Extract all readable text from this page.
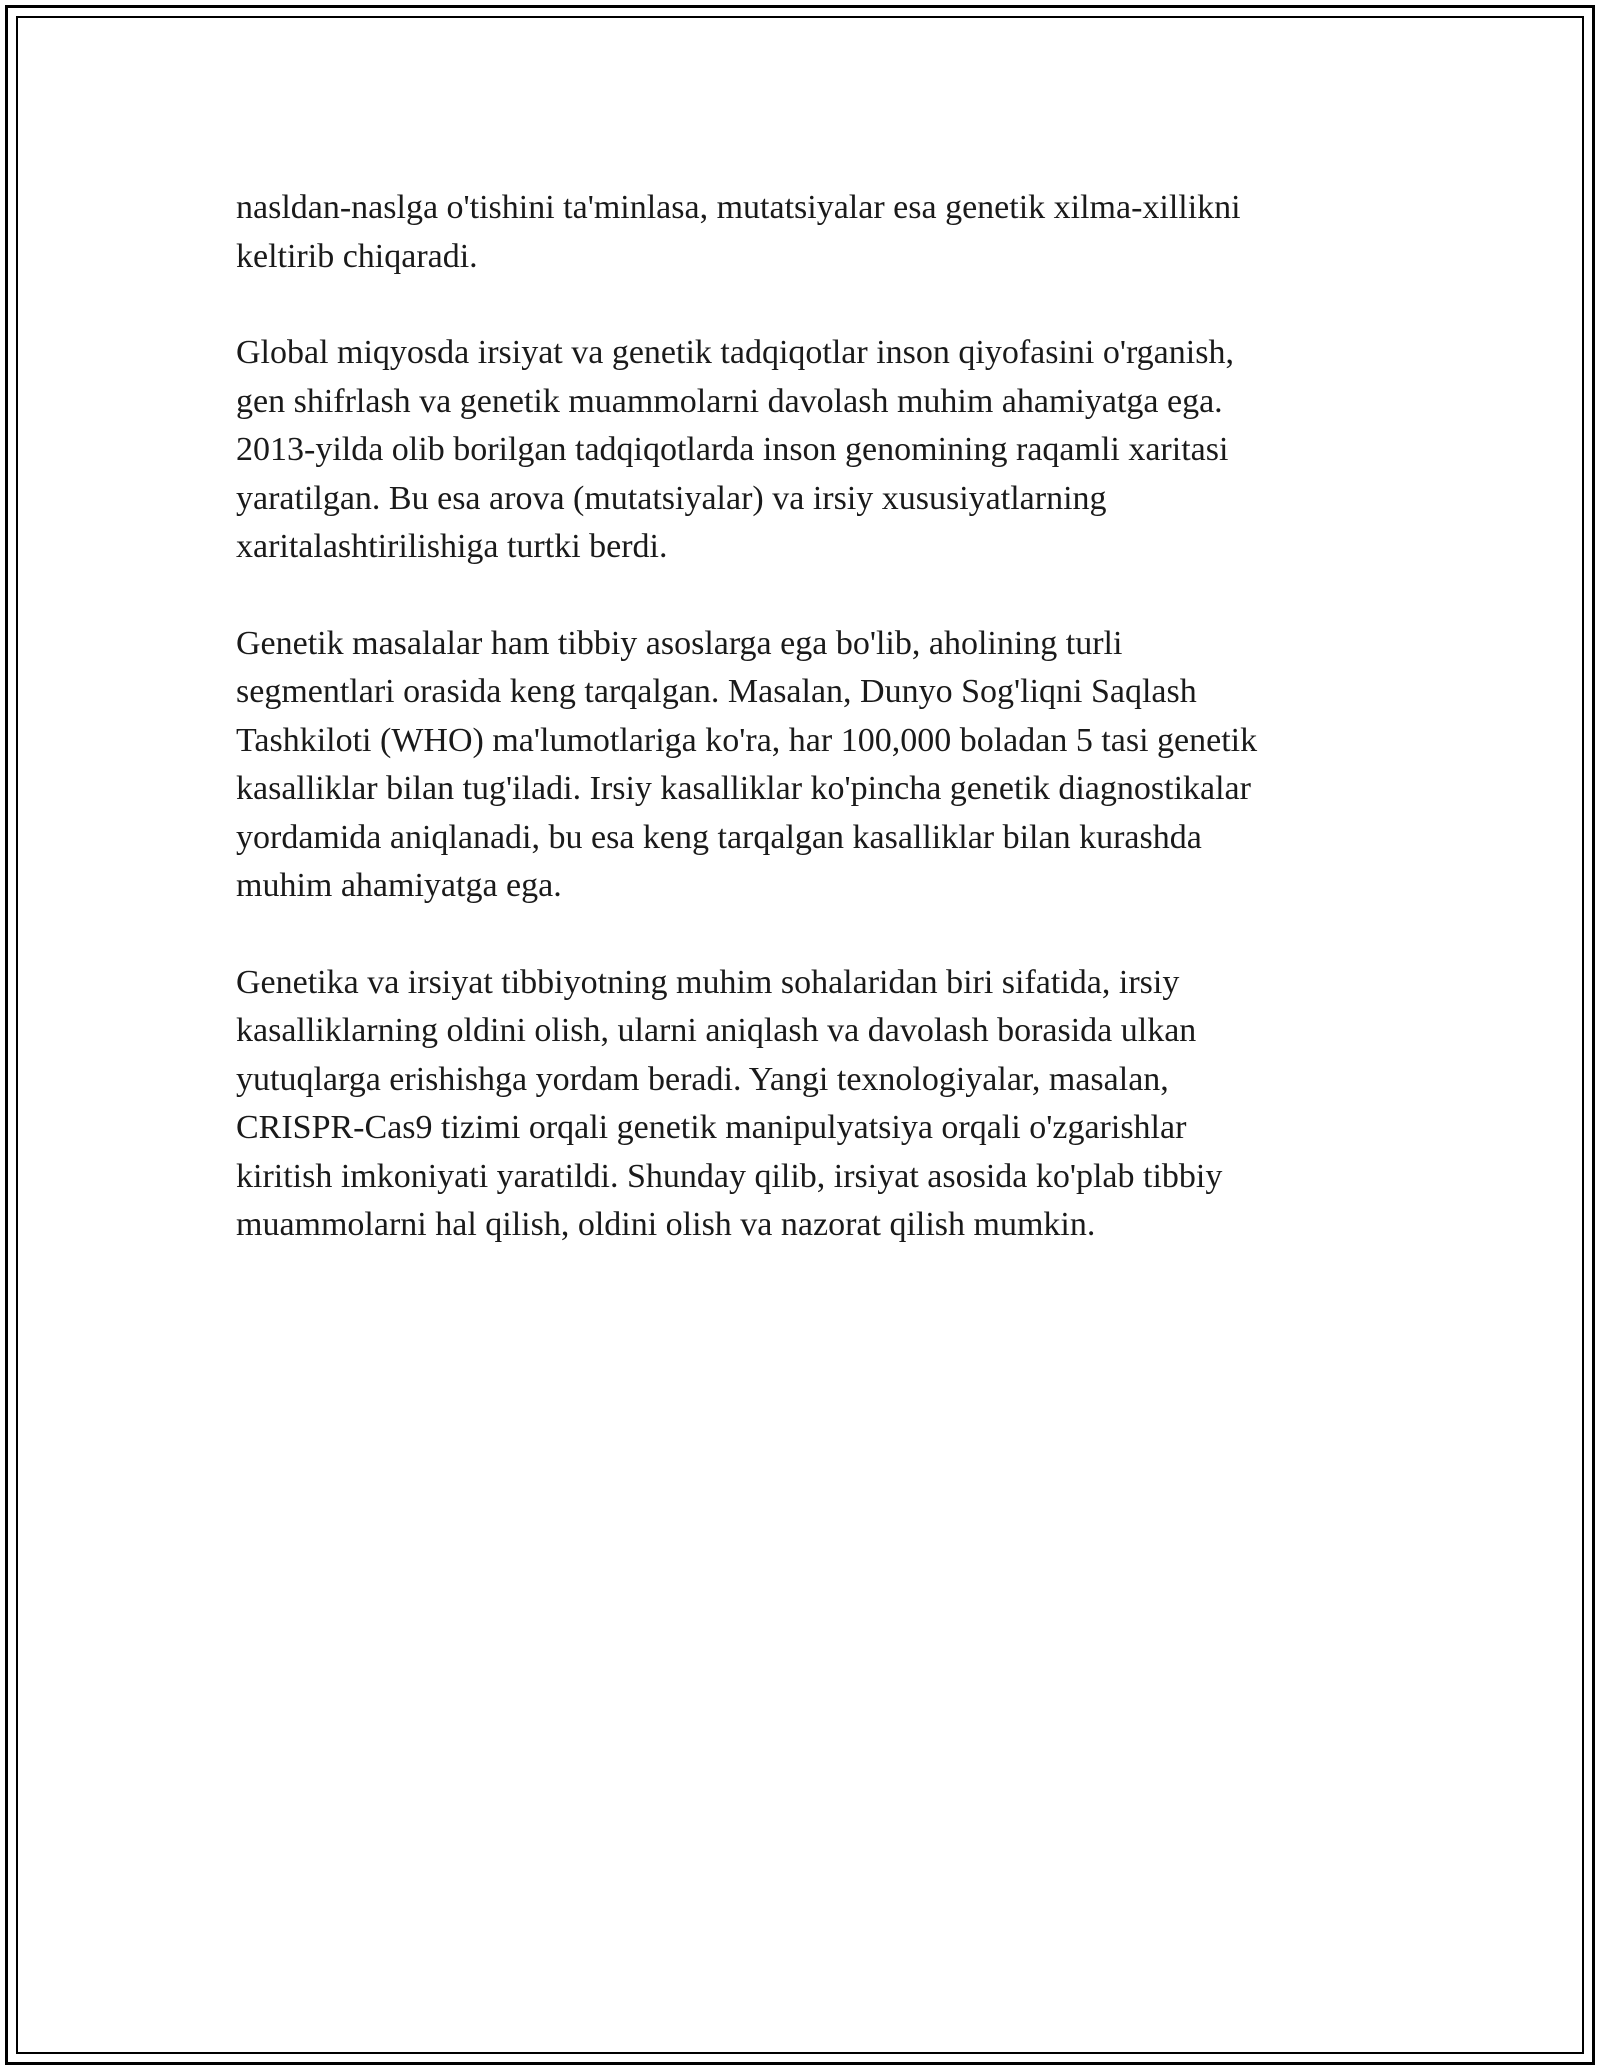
nasldan-naslga o'tishini ta'minlasa, mutatsiyalar esa genetik xilma-xillikni
keltirib chiqaradi.

Global miqyosda irsiyat va genetik tadqiqotlar inson qiyofasini o'rganish,
gen shifrlash va genetik muammolarni davolash muhim ahamiyatga ega.
2013-yilda olib borilgan tadqiqotlarda inson genomining raqamli xaritasi
yaratilgan. Bu esa arova (mutatsiyalar) va irsiy xususiyatlarning
xaritalashtirilishiga turtki berdi.

Genetik masalalar ham tibbiy asoslarga ega bo'lib, aholining turli
segmentlari orasida keng tarqalgan. Masalan, Dunyo Sog'liqni Saqlash
Tashkiloti (WHO) ma'lumotlariga ko'ra, har 100,000 boladan 5 tasi genetik
kasalliklar bilan tug'iladi. Irsiy kasalliklar ko'pincha genetik diagnostikalar
yordamida aniqlanadi, bu esa keng tarqalgan kasalliklar bilan kurashda
muhim ahamiyatga ega.

Genetika va irsiyat tibbiyotning muhim sohalaridan biri sifatida, irsiy
kasalliklarning oldini olish, ularni aniqlash va davolash borasida ulkan
yutuqlarga erishishga yordam beradi. Yangi texnologiyalar, masalan,
CRISPR-Cas9 tizimi orqali genetik manipulyatsiya orqali o'zgarishlar
kiritish imkoniyati yaratildi. Shunday qilib, irsiyat asosida ko'plab tibbiy
muammolarni hal qilish, oldini olish va nazorat qilish mumkin.
